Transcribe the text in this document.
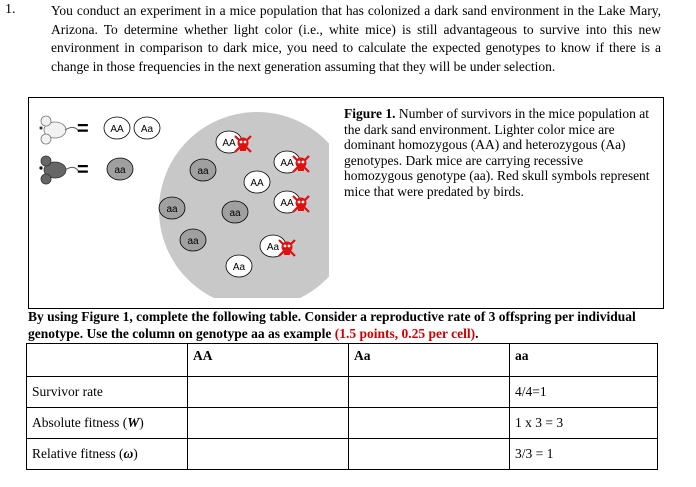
1.	You conduct an experiment in a mice population that has colonized a dark sand environment in the Lake Mary, Arizona. To determine whether light color (i.e., white mice) is still advantageous to survive into this new environment in comparison to dark mice, you need to calculate the expected genotypes to know if there is a change in those frequencies in the next generation assuming that they will be under selection.
= AA Aa
=	aa
AA
aa
AA
AA
AA
aa	aa
aa
Aa
Aa
Figure 1. Number of survivors in the mice population at the dark sand environment. Lighter color mice are dominant homozygous (AA) and heterozygous (Aa) genotypes. Dark mice are carrying recessive homozygous genotype (aa). Red skull symbols represent mice that were predated by birds.
By using Figure 1, complete the following table. Consider a reproductive rate of 3 offspring per individual genotype. Use the column on genotype aa as example (1.5 points, 0.25 per cell).
	AA	Aa	aa
Survivor rate			4/4=1
Absolute fitness (W)			1 x 3 = 3
Relative fitness (ω)			3/3 = 1
